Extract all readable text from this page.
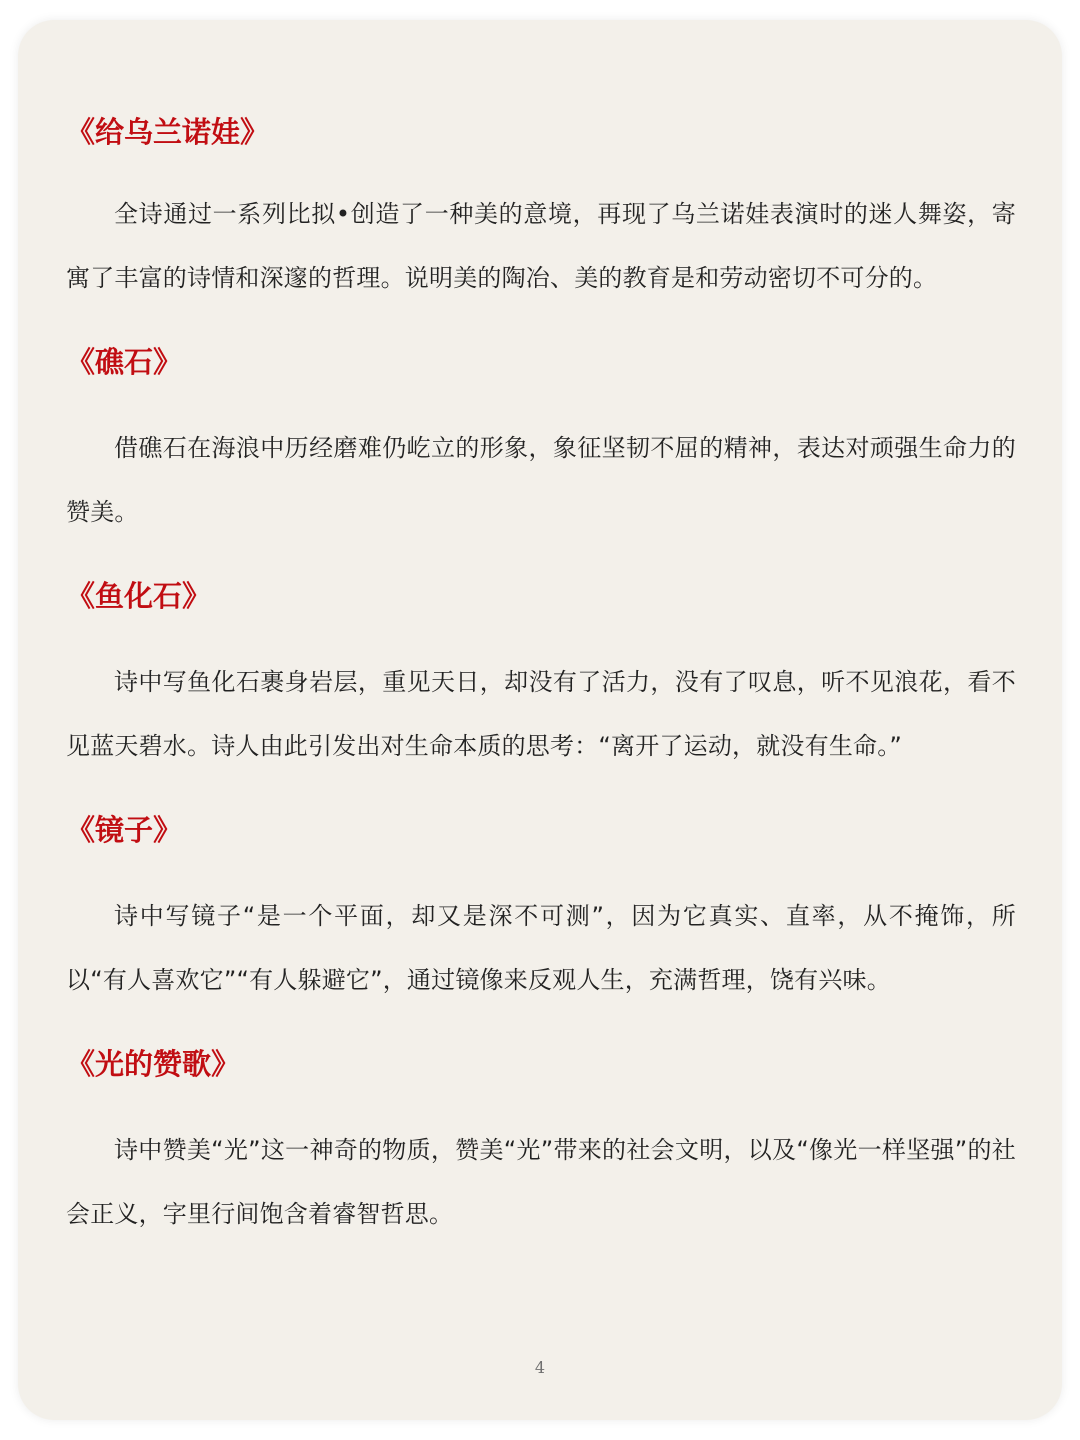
《给乌兰诺娃》

全诗通过一系列比拟•创造了一种美的意境，再现了乌兰诺娃表演时的迷人舞姿，寄寓了丰富的诗情和深邃的哲理。说明美的陶冶、美的教育是和劳动密切不可分的。

《礁石》

借礁石在海浪中历经磨难仍屹立的形象，象征坚韧不屈的精神，表达对顽强生命力的赞美。

《鱼化石》

诗中写鱼化石裹身岩层，重见天日，却没有了活力，没有了叹息，听不见浪花，看不见蓝天碧水。诗人由此引发出对生命本质的思考：“离开了运动，就没有生命。”

《镜子》

诗中写镜子“是一个平面，却又是深不可测”，因为它真实、直率，从不掩饰，所以“有人喜欢它”“有人躲避它”，通过镜像来反观人生，充满哲理，饶有兴味。

《光的赞歌》

诗中赞美“光”这一神奇的物质，赞美“光”带来的社会文明，以及“像光一样坚强”的社会正义，字里行间饱含着睿智哲思。

4
